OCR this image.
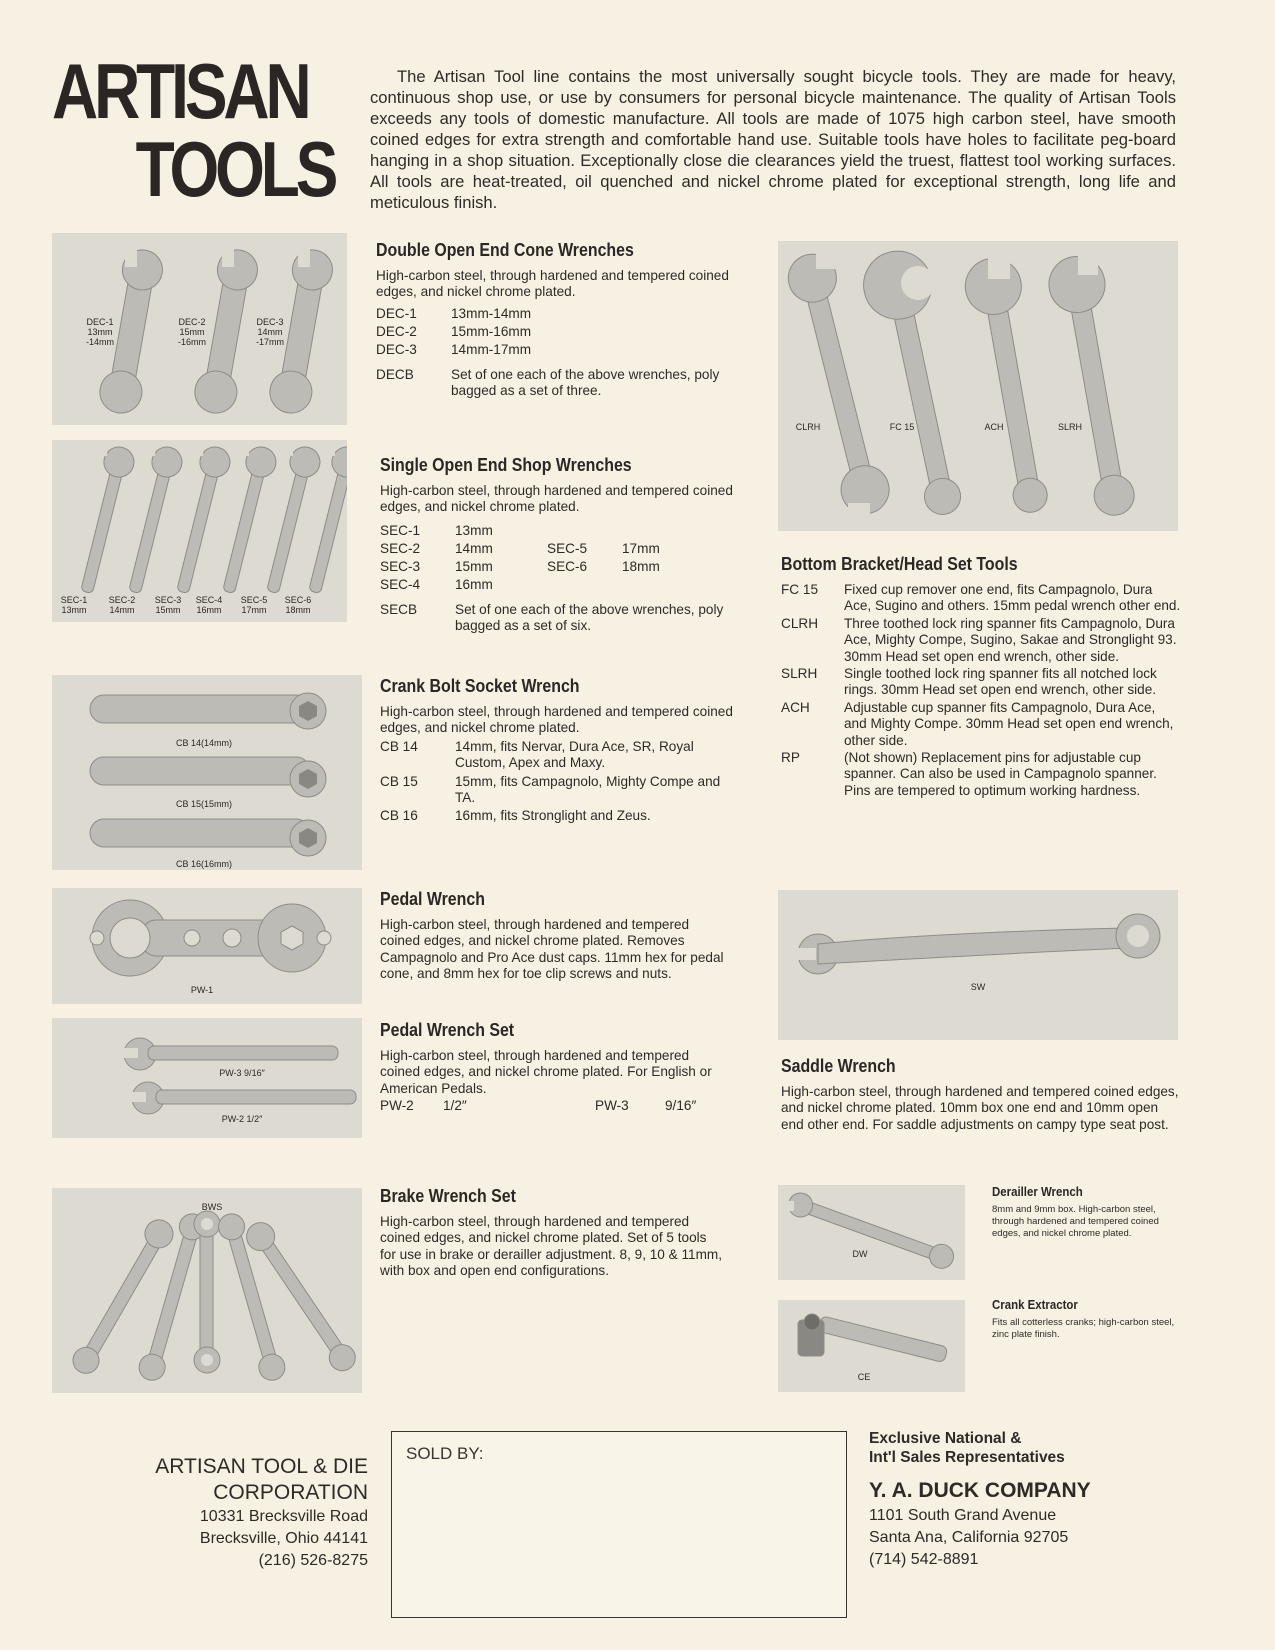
ARTISAN
TOOLS

The Artisan Tool line contains the most universally sought bicycle tools. They are made for heavy, continuous shop use, or use by consumers for personal bicycle maintenance. The quality of Artisan Tools exceeds any tools of domestic manufacture. All tools are made of 1075 high carbon steel, have smooth coined edges for extra strength and comfortable hand use. Suitable tools have holes to facilitate peg-board hanging in a shop situation. Exceptionally close die clearances yield the truest, flattest tool working surfaces. All tools are heat-treated, oil quenched and nickel chrome plated for exceptional strength, long life and meticulous finish.

DEC-1
13mm
-14mm
DEC-2
15mm
-16mm
DEC-3
14mm
-17mm
SEC-1
13mm
SEC-2
14mm
SEC-3
15mm
SEC-4
16mm
SEC-5
17mm
SEC-6
18mm
CB 14(14mm)
CB 15(15mm)
CB 16(16mm)
PW-1
PW-3 9/16″
PW-2 1/2″
BWS
Double Open End Cone Wrenches
High-carbon steel, through hardened and tempered coined edges, and nickel chrome plated.
DEC-1	13mm-14mm
DEC-2	15mm-16mm
DEC-3	14mm-17mm
DECB	Set of one each of the above wrenches, poly bagged as a set of three.
Single Open End Shop Wrenches
High-carbon steel, through hardened and tempered coined edges, and nickel chrome plated.
SEC-1	13mm
SEC-2	14mm
SEC-3	15mm
SEC-4	16mm
SEC-5	17mm
SEC-6	18mm
SECB	Set of one each of the above wrenches, poly bagged as a set of six.
Crank Bolt Socket Wrench
High-carbon steel, through hardened and tempered coined edges, and nickel chrome plated.
CB 14	14mm, fits Nervar, Dura Ace, SR, Royal Custom, Apex and Maxy.
CB 15	15mm, fits Campagnolo, Mighty Compe and TA.
CB 16	16mm, fits Stronglight and Zeus.
Pedal Wrench
High-carbon steel, through hardened and tempered coined edges, and nickel chrome plated. Removes Campagnolo and Pro Ace dust caps. 11mm hex for pedal cone, and 8mm hex for toe clip screws and nuts.
Pedal Wrench Set
High-carbon steel, through hardened and tempered coined edges, and nickel chrome plated. For English or American Pedals.
PW-2	1/2″	PW-3	9/16″
Brake Wrench Set
High-carbon steel, through hardened and tempered coined edges, and nickel chrome plated. Set of 5 tools for use in brake or derailler adjustment. 8, 9, 10 & 11mm, with box and open end configurations.
CLRH	FC 15	ACH	SLRH
Bottom Bracket/Head Set Tools
FC 15	Fixed cup remover one end, fits Campagnolo, Dura Ace, Sugino and others. 15mm pedal wrench other end.
CLRH	Three toothed lock ring spanner fits Campagnolo, Dura Ace, Mighty Compe, Sugino, Sakae and Stronglight 93. 30mm Head set open end wrench, other side.
SLRH	Single toothed lock ring spanner fits all notched lock rings. 30mm Head set open end wrench, other side.
ACH	Adjustable cup spanner fits Campagnolo, Dura Ace, and Mighty Compe. 30mm Head set open end wrench, other side.
RP	(Not shown) Replacement pins for adjustable cup spanner. Can also be used in Campagnolo spanner. Pins are tempered to optimum working hardness.
SW
Saddle Wrench
High-carbon steel, through hardened and tempered coined edges, and nickel chrome plated. 10mm box one end and 10mm open end other end. For saddle adjustments on campy type seat post.
DW
Derailler Wrench
8mm and 9mm box. High-carbon steel, through hardened and tempered coined edges, and nickel chrome plated.
CE
Crank Extractor
Fits all cotterless cranks; high-carbon steel, zinc plate finish.
ARTISAN TOOL & DIE
CORPORATION
10331 Brecksville Road
Brecksville, Ohio 44141
(216) 526-8275
SOLD BY:
Exclusive National &
Int'l Sales Representatives
Y. A. DUCK COMPANY
1101 South Grand Avenue
Santa Ana, California 92705
(714) 542-8891
